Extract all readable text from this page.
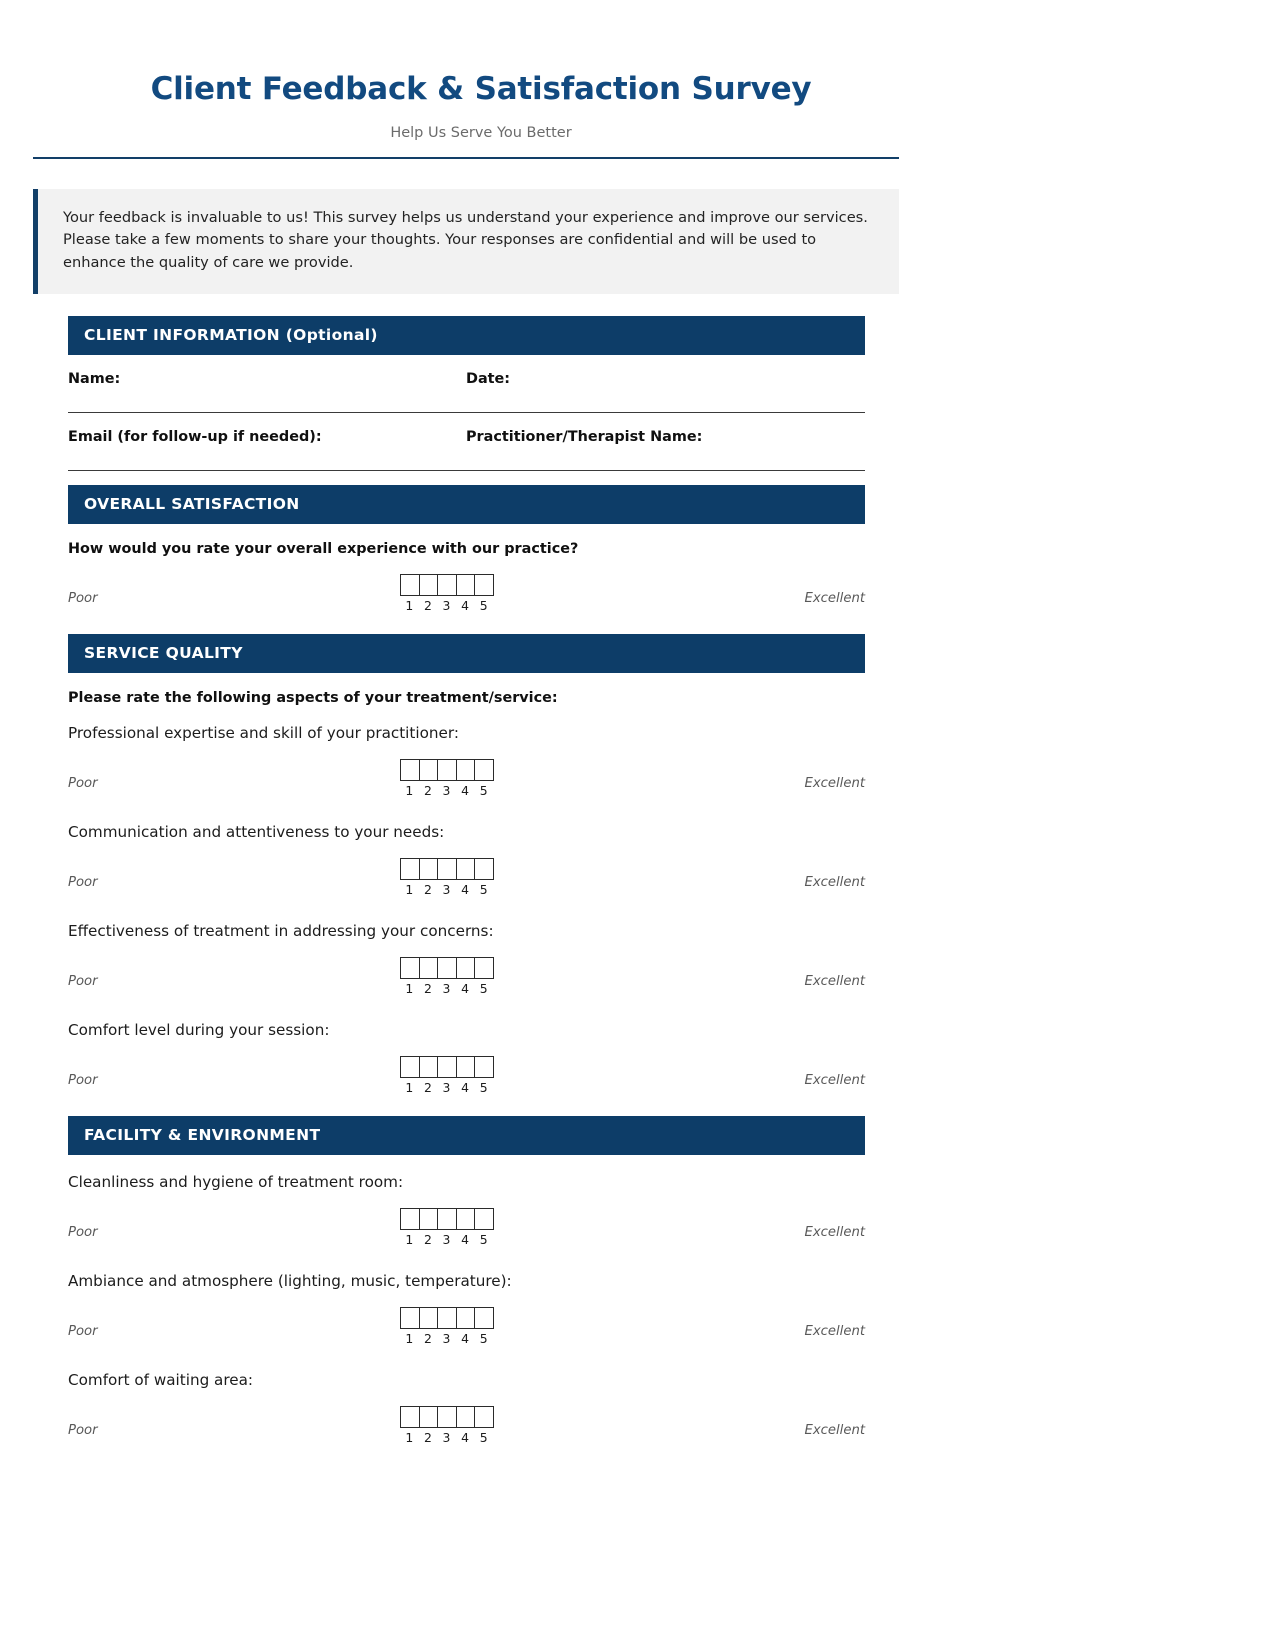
Client Feedback & Satisfaction Survey
Help Us Serve You Better

Your feedback is invaluable to us! This survey helps us understand your experience and improve our services. Please take a few moments to share your thoughts. Your responses are confidential and will be used to enhance the quality of care we provide.

CLIENT INFORMATION (Optional)
Name:	Date:
Email (for follow-up if needed):	Practitioner/Therapist Name:
OVERALL SATISFACTION
How would you rate your overall experience with our practice?
Poor	1 2 3 4 5	Excellent
SERVICE QUALITY
Please rate the following aspects of your treatment/service:
Professional expertise and skill of your practitioner:
Poor	1 2 3 4 5	Excellent
Communication and attentiveness to your needs:
Poor	1 2 3 4 5	Excellent
Effectiveness of treatment in addressing your concerns:
Poor	1 2 3 4 5	Excellent
Comfort level during your session:
Poor	1 2 3 4 5	Excellent
FACILITY & ENVIRONMENT
Cleanliness and hygiene of treatment room:
Poor	1 2 3 4 5	Excellent
Ambiance and atmosphere (lighting, music, temperature):
Poor	1 2 3 4 5	Excellent
Comfort of waiting area:
Poor	1 2 3 4 5	Excellent
